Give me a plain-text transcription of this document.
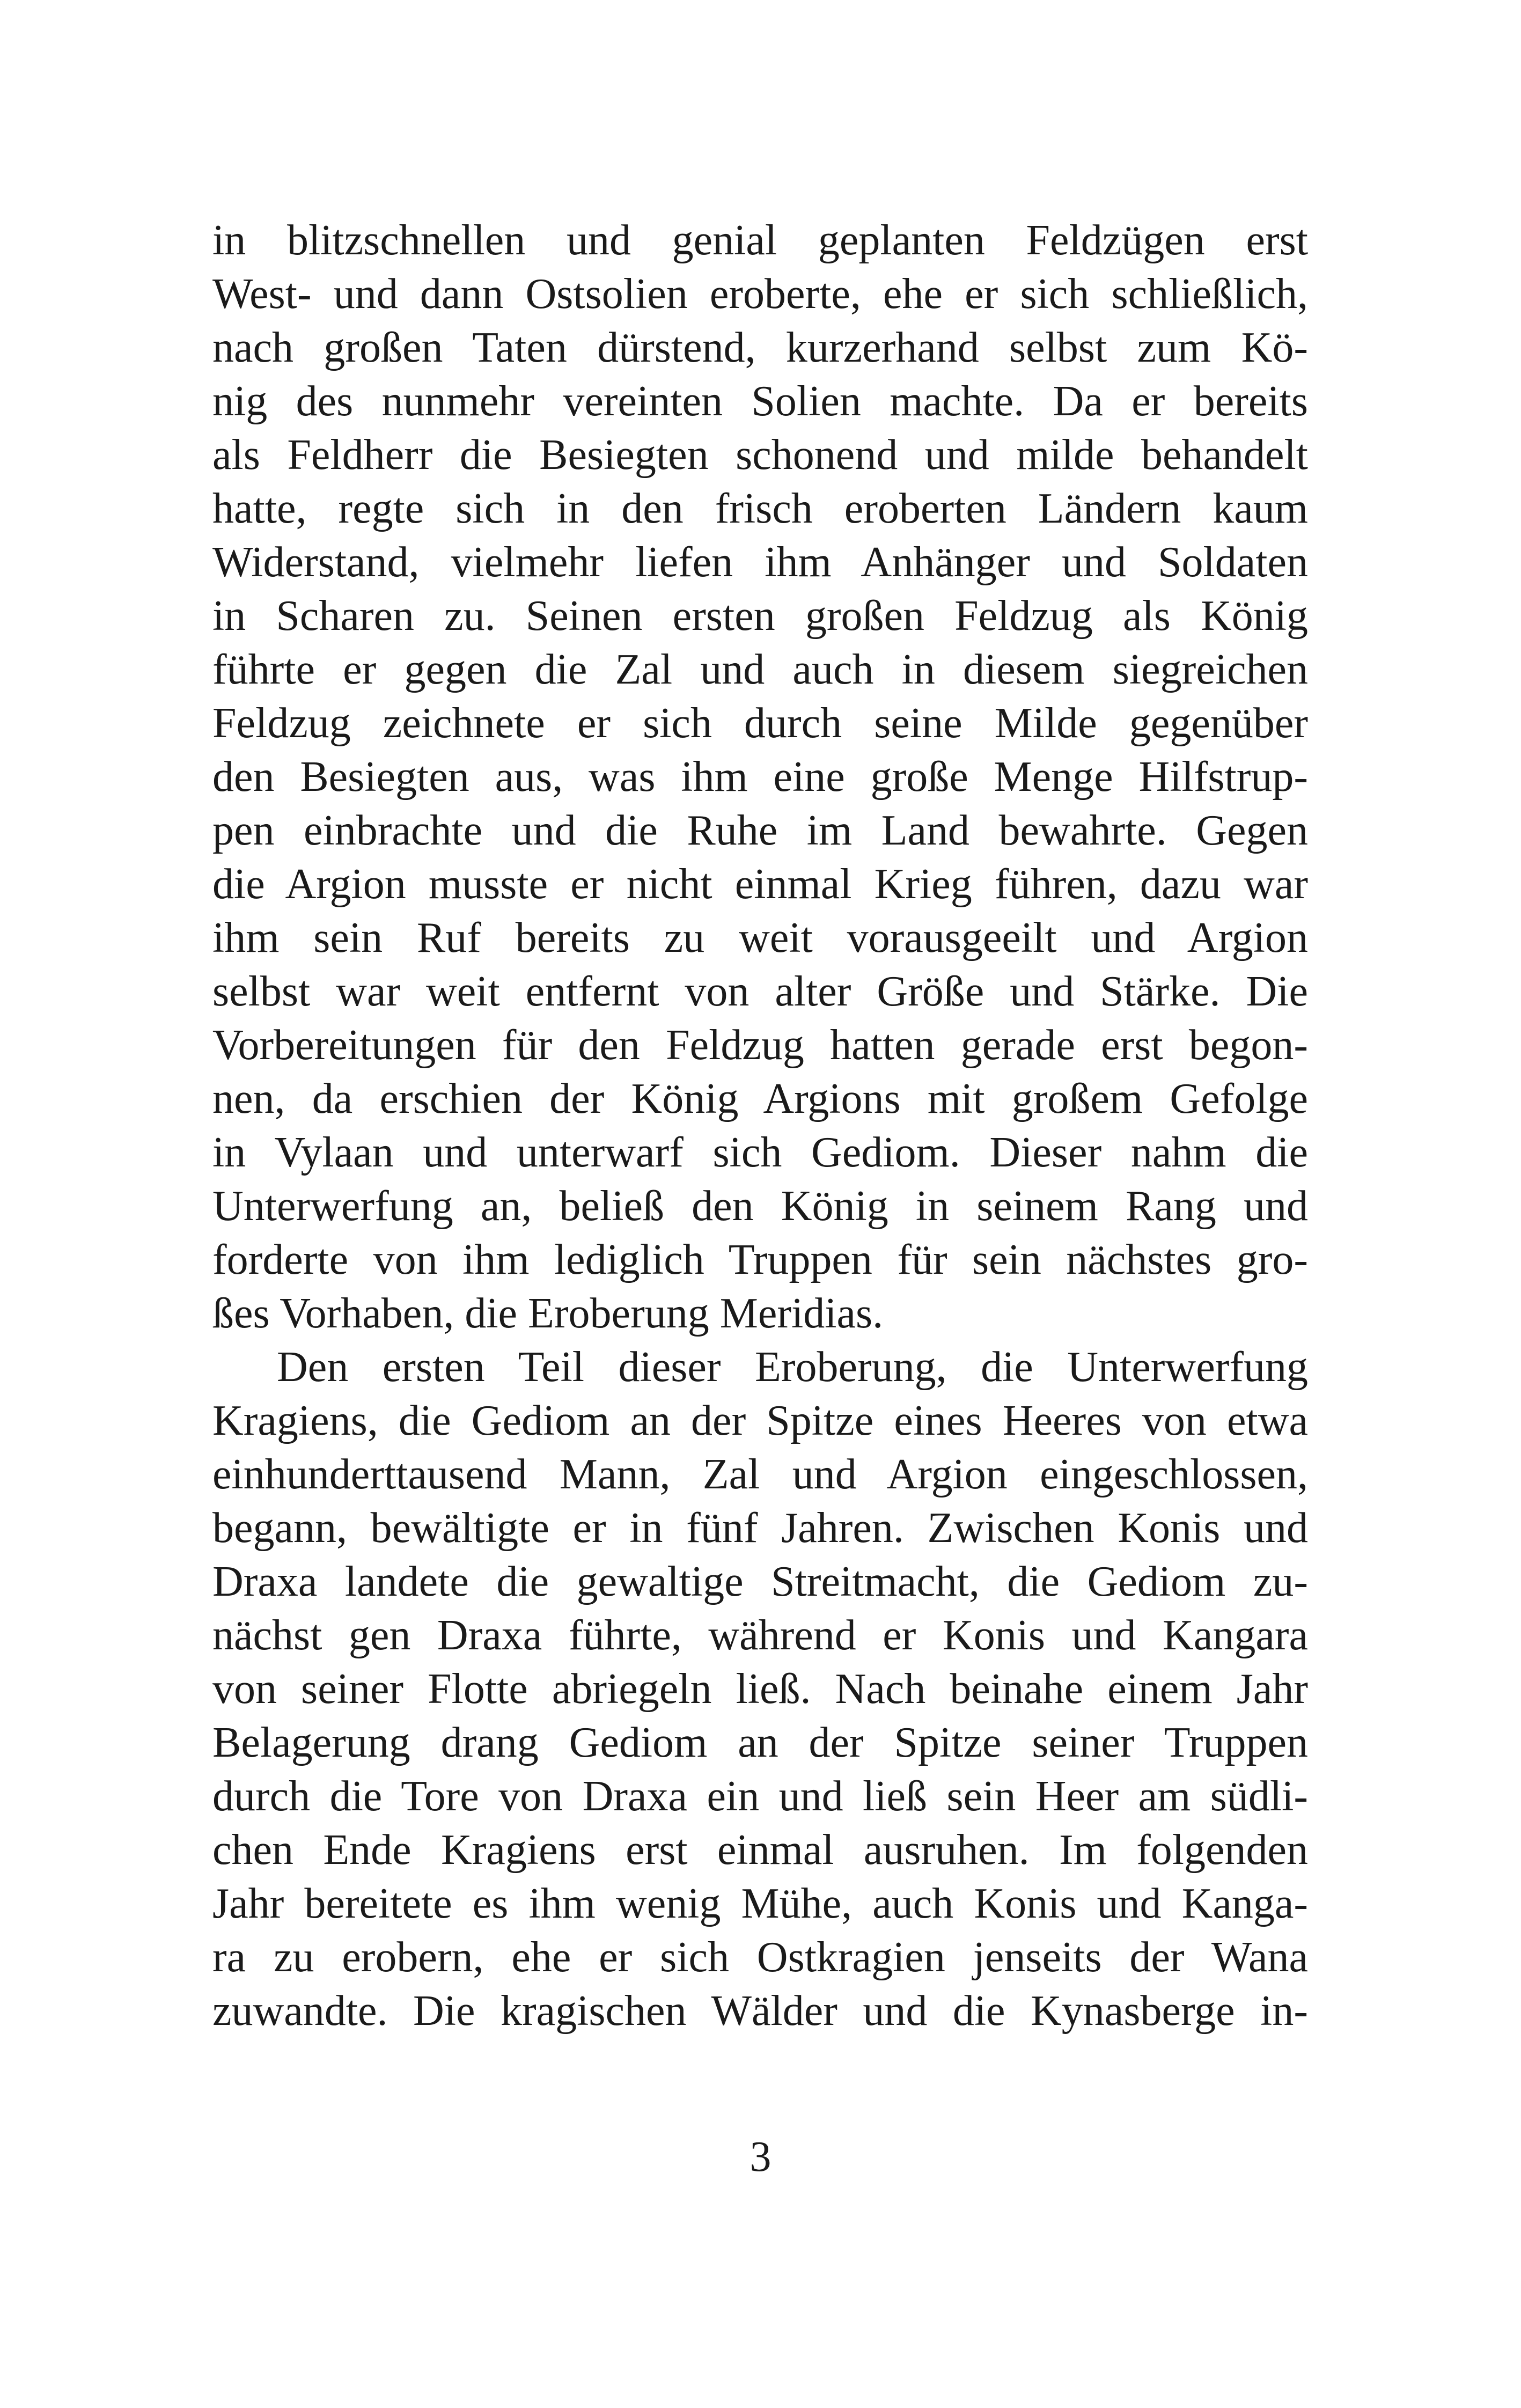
in blitzschnellen und genial geplanten Feldzügen erst
West- und dann Ostsolien eroberte, ehe er sich schließlich,
nach großen Taten dürstend, kurzerhand selbst zum Kö-
nig des nunmehr vereinten Solien machte. Da er bereits
als Feldherr die Besiegten schonend und milde behandelt
hatte, regte sich in den frisch eroberten Ländern kaum
Widerstand, vielmehr liefen ihm Anhänger und Soldaten
in Scharen zu. Seinen ersten großen Feldzug als König
führte er gegen die Zal und auch in diesem siegreichen
Feldzug zeichnete er sich durch seine Milde gegenüber
den Besiegten aus, was ihm eine große Menge Hilfstrup-
pen einbrachte und die Ruhe im Land bewahrte. Gegen
die Argion musste er nicht einmal Krieg führen, dazu war
ihm sein Ruf bereits zu weit vorausgeeilt und Argion
selbst war weit entfernt von alter Größe und Stärke. Die
Vorbereitungen für den Feldzug hatten gerade erst begon-
nen, da erschien der König Argions mit großem Gefolge
in Vylaan und unterwarf sich Gediom. Dieser nahm die
Unterwerfung an, beließ den König in seinem Rang und
forderte von ihm lediglich Truppen für sein nächstes gro-
ßes Vorhaben, die Eroberung Meridias.
Den ersten Teil dieser Eroberung, die Unterwerfung
Kragiens, die Gediom an der Spitze eines Heeres von etwa
einhunderttausend Mann, Zal und Argion eingeschlossen,
begann, bewältigte er in fünf Jahren. Zwischen Konis und
Draxa landete die gewaltige Streitmacht, die Gediom zu-
nächst gen Draxa führte, während er Konis und Kangara
von seiner Flotte abriegeln ließ. Nach beinahe einem Jahr
Belagerung drang Gediom an der Spitze seiner Truppen
durch die Tore von Draxa ein und ließ sein Heer am südli-
chen Ende Kragiens erst einmal ausruhen. Im folgenden
Jahr bereitete es ihm wenig Mühe, auch Konis und Kanga-
ra zu erobern, ehe er sich Ostkragien jenseits der Wana
zuwandte. Die kragischen Wälder und die Kynasberge in-
3
